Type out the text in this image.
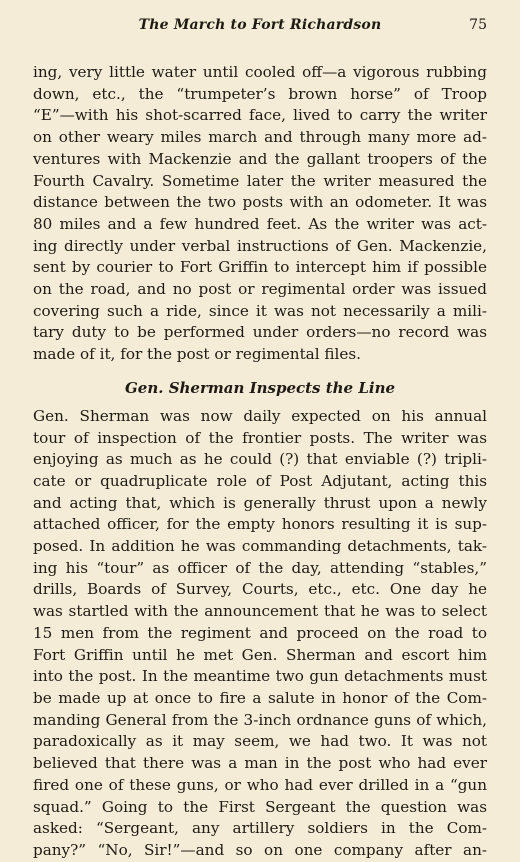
The March to Fort Richardson	75
ing, very little water until cooled off—a vigorous rubbing
down, etc., the “trumpeter’s brown horse” of Troop
“E”—with his shot-scarred face, lived to carry the writer
on other weary miles march and through many more ad-
ventures with Mackenzie and the gallant troopers of the
Fourth Cavalry. Sometime later the writer measured the
distance between the two posts with an odometer. It was
80 miles and a few hundred feet. As the writer was act-
ing directly under verbal instructions of Gen. Mackenzie,
sent by courier to Fort Griffin to intercept him if possible
on the road, and no post or regimental order was issued
covering such a ride, since it was not necessarily a mili-
tary duty to be performed under orders—no record was
made of it, for the post or regimental files.
Gen. Sherman Inspects the Line
Gen. Sherman was now daily expected on his annual
tour of inspection of the frontier posts. The writer was
enjoying as much as he could (?) that enviable (?) tripli-
cate or quadruplicate role of Post Adjutant, acting this
and acting that, which is generally thrust upon a newly
attached officer, for the empty honors resulting it is sup-
posed. In addition he was commanding detachments, tak-
ing his “tour” as officer of the day, attending “stables,”
drills, Boards of Survey, Courts, etc., etc. One day he
was startled with the announcement that he was to select
15 men from the regiment and proceed on the road to
Fort Griffin until he met Gen. Sherman and escort him
into the post. In the meantime two gun detachments must
be made up at once to fire a salute in honor of the Com-
manding General from the 3-inch ordnance guns of which,
paradoxically as it may seem, we had two. It was not
believed that there was a man in the post who had ever
fired one of these guns, or who had ever drilled in a “gun
squad.” Going to the First Sergeant the question was
asked: “Sergeant, any artillery soldiers in the Com-
pany?” “No, Sir!”—and so on one company after an-
